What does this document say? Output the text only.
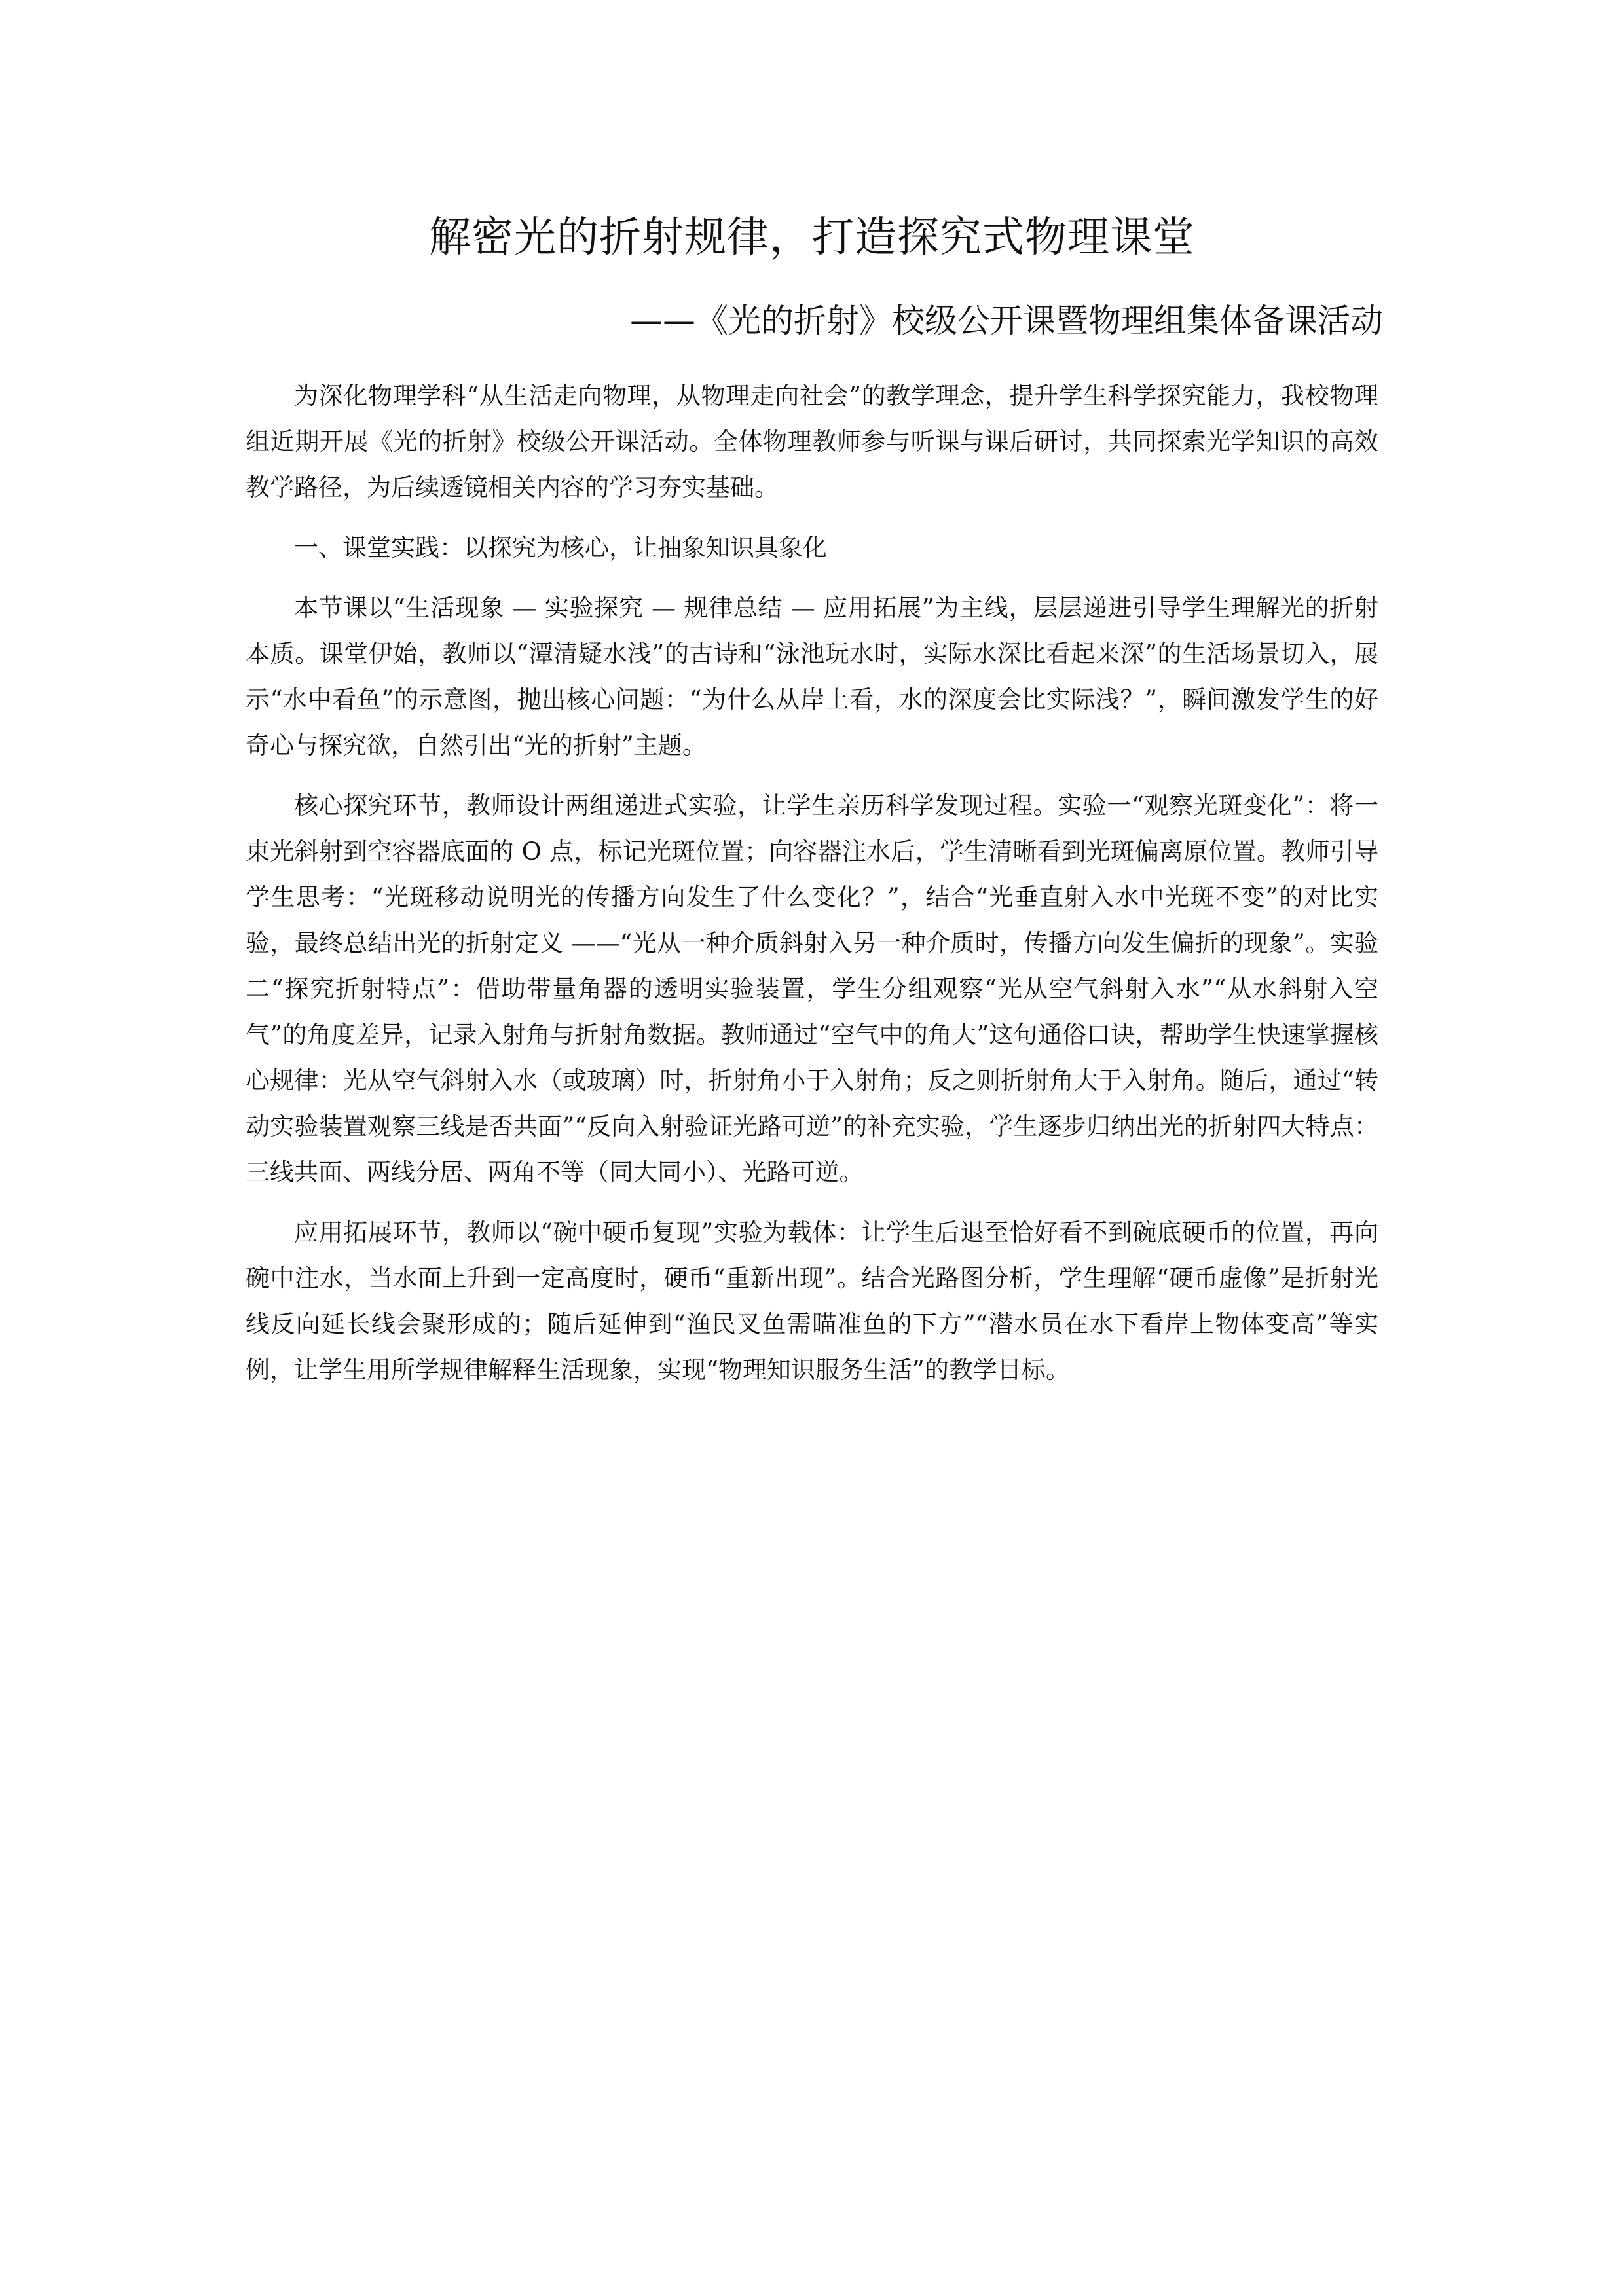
解密光的折射规律，打造探究式物理课堂
——《光的折射》校级公开课暨物理组集体备课活动

为深化物理学科“从生活走向物理，从物理走向社会”的教学理念，提升学生科学探究能力，我校物理组近期开展《光的折射》校级公开课活动。全体物理教师参与听课与课后研讨，共同探索光学知识的高效教学路径，为后续透镜相关内容的学习夯实基础。

一、课堂实践：以探究为核心，让抽象知识具象化

本节课以“生活现象 — 实验探究 — 规律总结 — 应用拓展”为主线，层层递进引导学生理解光的折射本质。课堂伊始，教师以“潭清疑水浅”的古诗和“泳池玩水时，实际水深比看起来深”的生活场景切入，展示“水中看鱼”的示意图，抛出核心问题：“为什么从岸上看，水的深度会比实际浅？”，瞬间激发学生的好奇心与探究欲，自然引出“光的折射”主题。

核心探究环节，教师设计两组递进式实验，让学生亲历科学发现过程。实验一“观察光斑变化”：将一束光斜射到空容器底面的 O 点，标记光斑位置；向容器注水后，学生清晰看到光斑偏离原位置。教师引导学生思考：“光斑移动说明光的传播方向发生了什么变化？”，结合“光垂直射入水中光斑不变”的对比实验，最终总结出光的折射定义 ——“光从一种介质斜射入另一种介质时，传播方向发生偏折的现象”。实验二“探究折射特点”：借助带量角器的透明实验装置，学生分组观察“光从空气斜射入水”“从水斜射入空气”的角度差异，记录入射角与折射角数据。教师通过“空气中的角大”这句通俗口诀，帮助学生快速掌握核心规律：光从空气斜射入水（或玻璃）时，折射角小于入射角；反之则折射角大于入射角。随后，通过“转动实验装置观察三线是否共面”“反向入射验证光路可逆”的补充实验，学生逐步归纳出光的折射四大特点：三线共面、两线分居、两角不等（同大同小）、光路可逆。

应用拓展环节，教师以“碗中硬币复现”实验为载体：让学生后退至恰好看不到碗底硬币的位置，再向碗中注水，当水面上升到一定高度时，硬币“重新出现”。结合光路图分析，学生理解“硬币虚像”是折射光线反向延长线会聚形成的；随后延伸到“渔民叉鱼需瞄准鱼的下方”“潜水员在水下看岸上物体变高”等实例，让学生用所学规律解释生活现象，实现“物理知识服务生活”的教学目标。
